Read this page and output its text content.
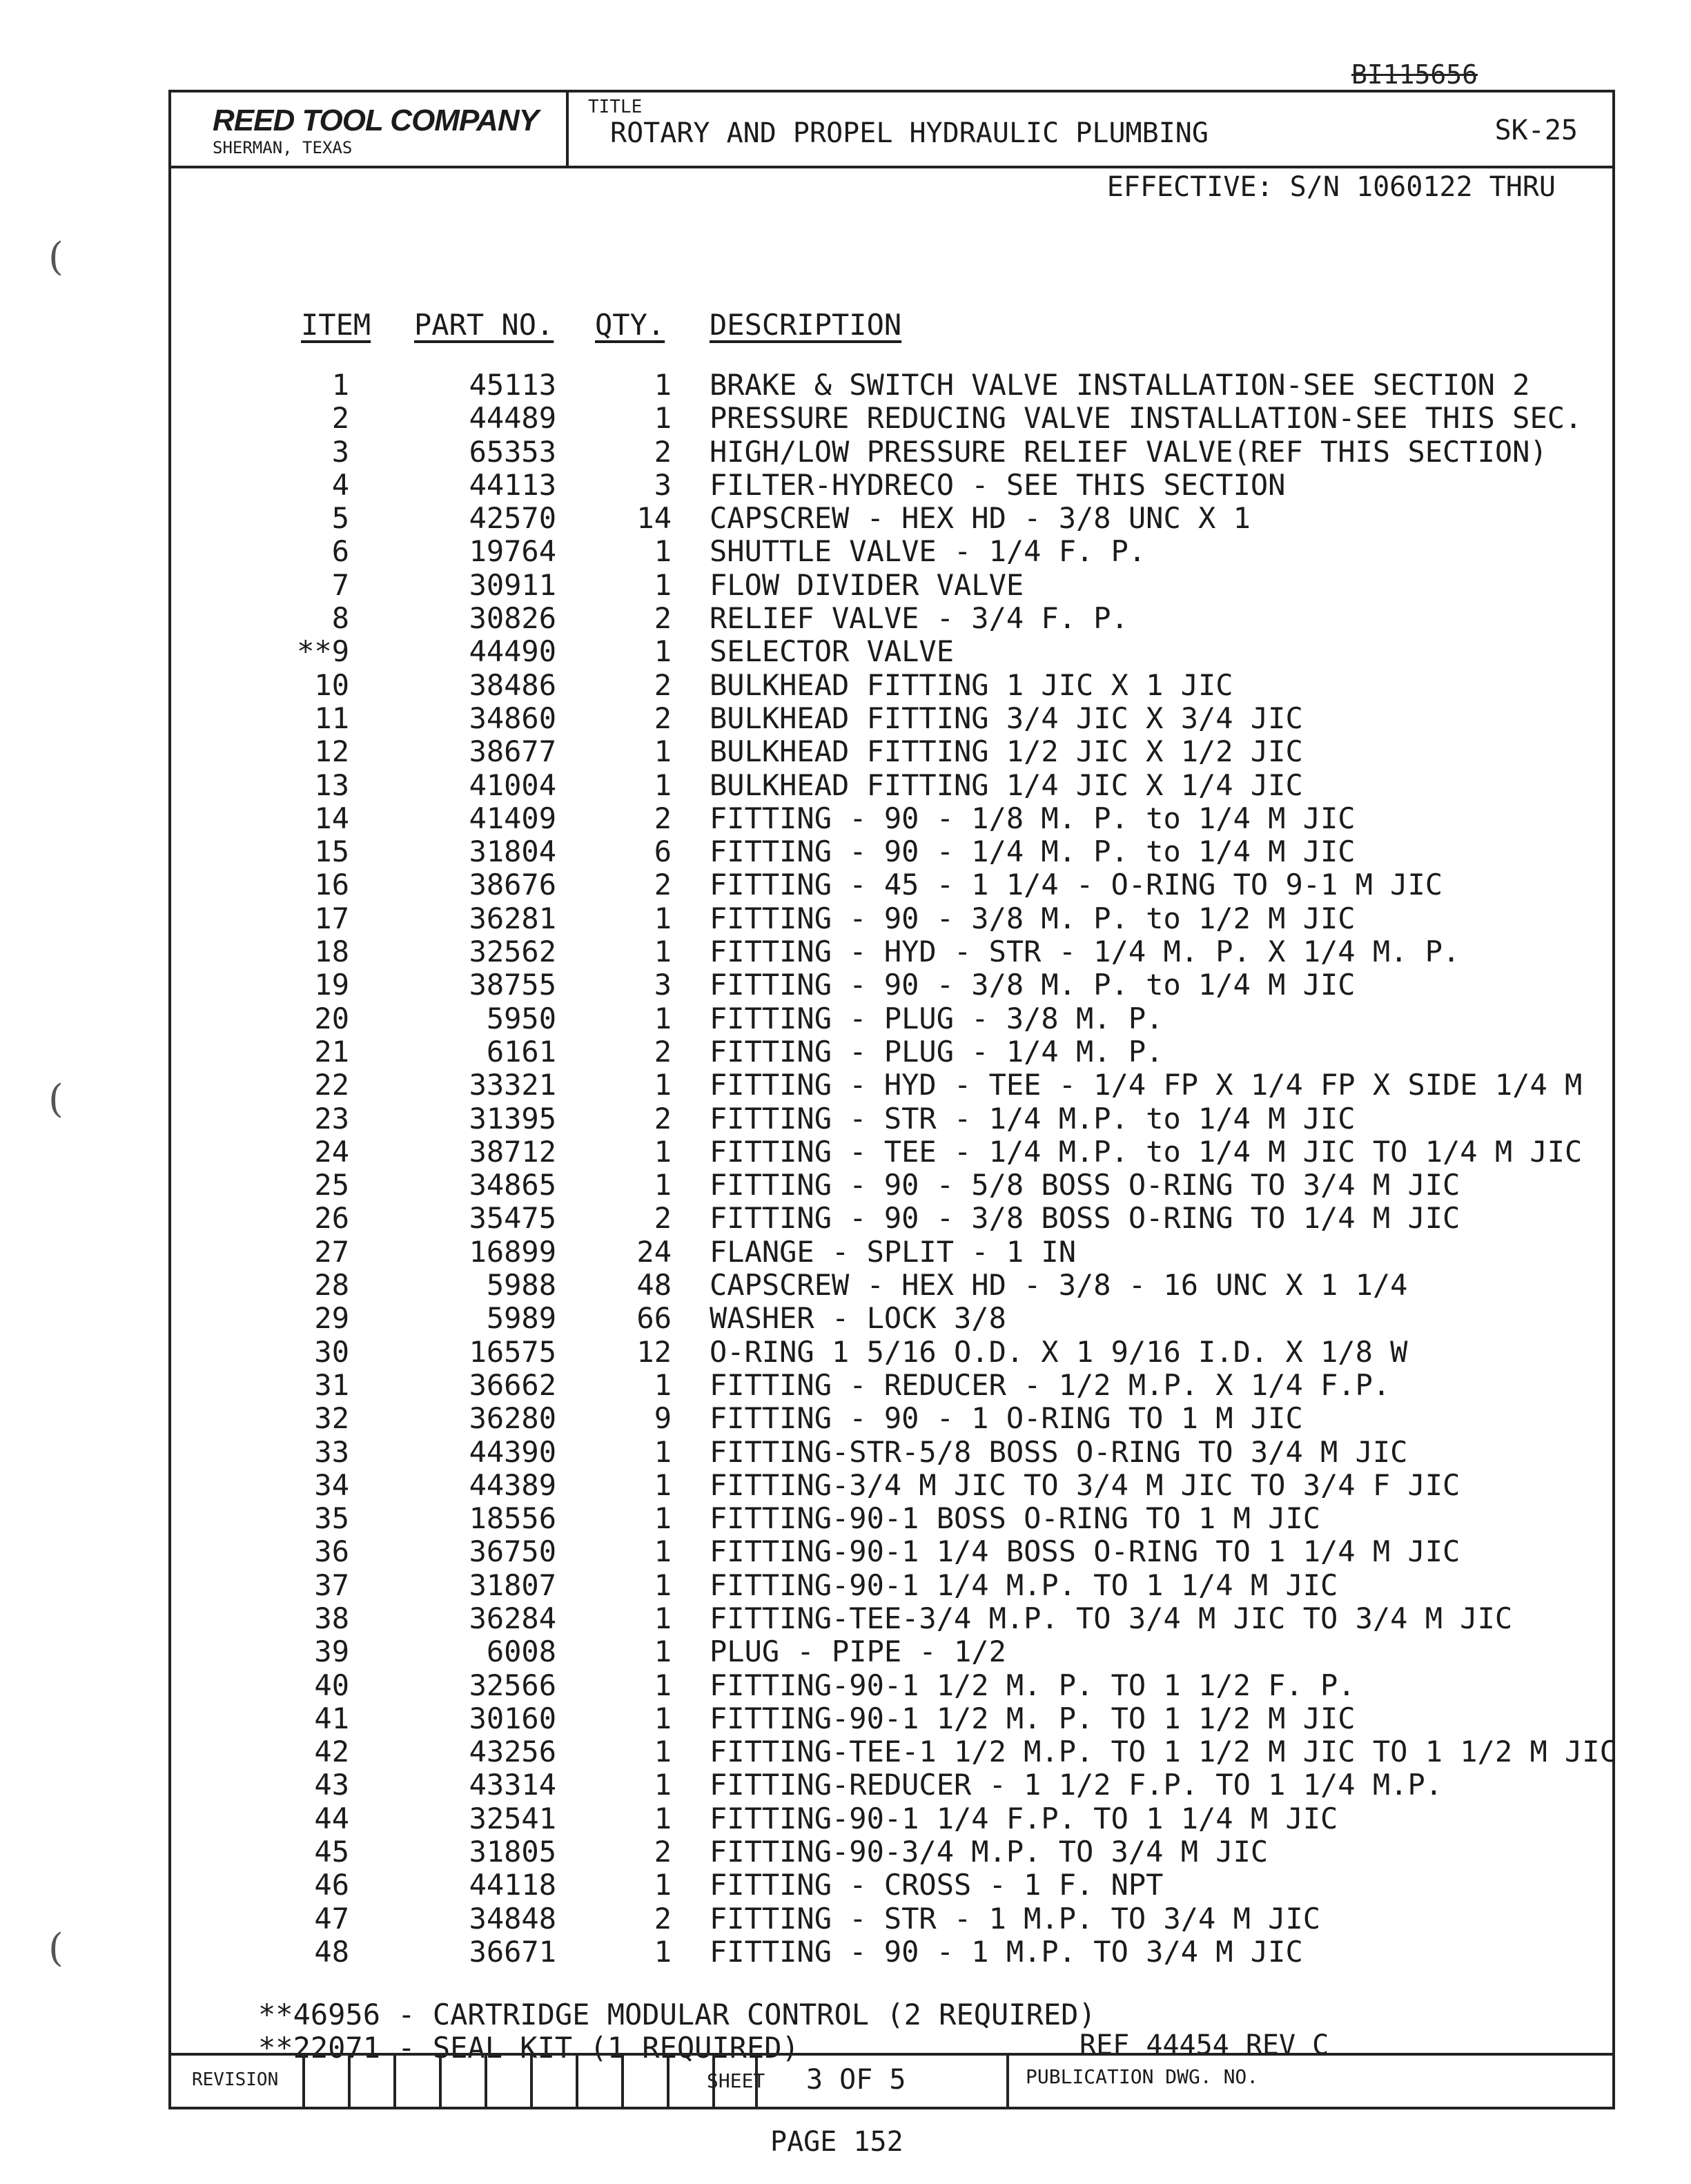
(
(
(
BI115656
REED TOOL COMPANY
SHERMAN, TEXAS
TITLE
ROTARY AND PROPEL HYDRAULIC PLUMBING	SK-25
EFFECTIVE: S/N 1060122 THRU
ITEM PART NO. QTY. DESCRIPTION
1	45113	1 BRAKE & SWITCH VALVE INSTALLATION-SEE SECTION 2
2	44489	1 PRESSURE REDUCING VALVE INSTALLATION-SEE THIS SEC.
3	65353	2 HIGH/LOW PRESSURE RELIEF VALVE(REF THIS SECTION)
4	44113	3 FILTER-HYDRECO - SEE THIS SECTION
5	42570	14 CAPSCREW - HEX HD - 3/8 UNC X 1
6	19764	1 SHUTTLE VALVE - 1/4 F. P.
7	30911	1 FLOW DIVIDER VALVE
8	30826	2 RELIEF VALVE - 3/4 F. P.
**9	44490	1 SELECTOR VALVE
10	38486	2 BULKHEAD FITTING 1 JIC X 1 JIC
11	34860	2 BULKHEAD FITTING 3/4 JIC X 3/4 JIC
12	38677	1 BULKHEAD FITTING 1/2 JIC X 1/2 JIC
13	41004	1 BULKHEAD FITTING 1/4 JIC X 1/4 JIC
14	41409	2 FITTING - 90 - 1/8 M. P. to 1/4 M JIC
15	31804	6 FITTING - 90 - 1/4 M. P. to 1/4 M JIC
16	38676	2 FITTING - 45 - 1 1/4 - O-RING TO 9-1 M JIC
17	36281	1 FITTING - 90 - 3/8 M. P. to 1/2 M JIC
18	32562	1 FITTING - HYD - STR - 1/4 M. P. X 1/4 M. P.
19	38755	3 FITTING - 90 - 3/8 M. P. to 1/4 M JIC
20	5950	1 FITTING - PLUG - 3/8 M. P.
21	6161	2 FITTING - PLUG - 1/4 M. P.
22	33321	1 FITTING - HYD - TEE - 1/4 FP X 1/4 FP X SIDE 1/4 M
23	31395	2 FITTING - STR - 1/4 M.P. to 1/4 M JIC
24	38712	1 FITTING - TEE - 1/4 M.P. to 1/4 M JIC TO 1/4 M JIC
25	34865	1 FITTING - 90 - 5/8 BOSS O-RING TO 3/4 M JIC
26	35475	2 FITTING - 90 - 3/8 BOSS O-RING TO 1/4 M JIC
27	16899	24 FLANGE - SPLIT - 1 IN
28	5988	48 CAPSCREW - HEX HD - 3/8 - 16 UNC X 1 1/4
29	5989	66 WASHER - LOCK 3/8
30	16575	12 O-RING 1 5/16 O.D. X 1 9/16 I.D. X 1/8 W
31	36662	1 FITTING - REDUCER - 1/2 M.P. X 1/4 F.P.
32	36280	9 FITTING - 90 - 1 O-RING TO 1 M JIC
33	44390	1 FITTING-STR-5/8 BOSS O-RING TO 3/4 M JIC
34	44389	1 FITTING-3/4 M JIC TO 3/4 M JIC TO 3/4 F JIC
35	18556	1 FITTING-90-1 BOSS O-RING TO 1 M JIC
36	36750	1 FITTING-90-1 1/4 BOSS O-RING TO 1 1/4 M JIC
37	31807	1 FITTING-90-1 1/4 M.P. TO 1 1/4 M JIC
38	36284	1 FITTING-TEE-3/4 M.P. TO 3/4 M JIC TO 3/4 M JIC
39	6008	1 PLUG - PIPE - 1/2
40	32566	1 FITTING-90-1 1/2 M. P. TO 1 1/2 F. P.
41	30160	1 FITTING-90-1 1/2 M. P. TO 1 1/2 M JIC
42	43256	1 FITTING-TEE-1 1/2 M.P. TO 1 1/2 M JIC TO 1 1/2 M JIC
43	43314	1 FITTING-REDUCER - 1 1/2 F.P. TO 1 1/4 M.P.
44	32541	1 FITTING-90-1 1/4 F.P. TO 1 1/4 M JIC
45	31805	2 FITTING-90-3/4 M.P. TO 3/4 M JIC
46	44118	1 FITTING - CROSS - 1 F. NPT
47	34848	2 FITTING - STR - 1 M.P. TO 3/4 M JIC
48	36671	1 FITTING - 90 - 1 M.P. TO 3/4 M JIC
**46956 - CARTRIDGE MODULAR CONTROL (2 REQUIRED)
**22071 - SEAL KIT (1 REQUIRED)	REF 44454 REV C
REVISION	SHEET 3 OF 5	PUBLICATION DWG. NO.
PAGE 152
